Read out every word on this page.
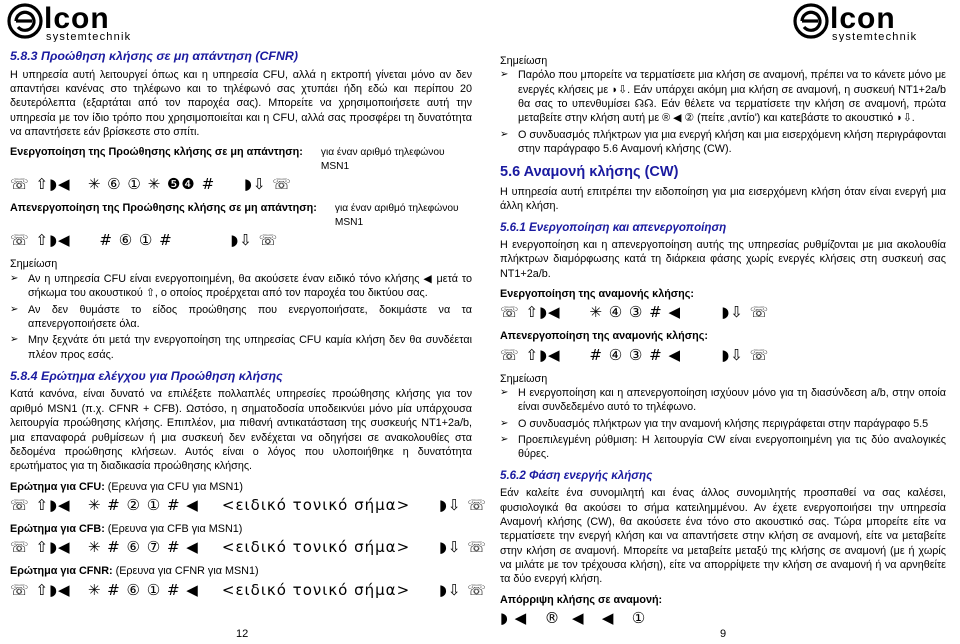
lcon
systemtechnik
5.8.3 Προώθηση κλήσης σε μη απάντηση (CFNR)

Η υπηρεσία αυτή λειτουργεί όπως και η υπηρεσία CFU, αλλά η εκτροπή γίνεται μόνο αν δεν απαντήσει κανένας στο τηλέφωνο και το τηλέφωνό σας χτυπάει ήδη εδώ και περίπου 20 δευτερόλεπτα (εξαρτάται από τον παροχέα σας). Μπορείτε να χρησιμοποιήσετε αυτή την υπηρεσία με τον ίδιο τρόπο που χρησιμοποιείται και η CFU, αλλά σας προσφέρει τη δυνατότητα να απαντήσετε εάν βρίσκεστε στο σπίτι.

Ενεργοποίηση της Προώθησης κλήσης σε μη απάντηση: για έναν αριθμό τηλεφώνου MSN1
☏ ⇧◗◀   ✳ ⑥ ① ✳ ❺❹ #     ◗⇩ ☏
Απενεργοποίηση της Προώθησης κλήσης σε μη απάντηση: για έναν αριθμό τηλεφώνου MSN1
☏ ⇧◗◀     # ⑥ ① #          ◗⇩ ☏
Σημείωση
➢ Αν η υπηρεσία CFU είναι ενεργοποιημένη, θα ακούσετε έναν ειδικό τόνο κλήσης ◀ μετά το σήκωμα του ακουστικού ⇧, ο οποίος προέρχεται από τον παροχέα του δικτύου σας.
➢ Αν δεν θυμάστε το είδος προώθησης που ενεργοποιήσατε, δοκιμάστε να τα απενεργοποιήσετε όλα.
➢ Μην ξεχνάτε ότι μετά την ενεργοποίηση της υπηρεσίας CFU καμία κλήση δεν θα συνδέεται πλέον προς εσάς.
5.8.4 Ερώτημα ελέγχου για Προώθηση κλήσης

Κατά κανόνα, είναι δυνατό να επιλέξετε πολλαπλές υπηρεσίες προώθησης κλήσης για τον αριθμό MSN1 (π.χ. CFNR + CFB). Ωστόσο, η σηματοδοσία υποδεικνύει μόνο μία υπάρχουσα λειτουργία προώθησης κλήσης. Επιπλέον, μια πιθανή αντικατάσταση της συσκευής NT1+2a/b, μια επαναφορά ρυθμίσεων ή μια συσκευή δεν ενδέχεται να οδηγήσει σε ανακολουθίες στα δεδομένα προώθησης κλήσεων. Αυτός είναι ο λόγος που υλοποιήθηκε η δυνατότητα ερωτήματος για τη διαδικασία προώθησης κλήσης.

Ερώτημα για CFU: (Ερευνα για CFU για MSN1)
☏ ⇧◗◀   ✳ # ② ① # ◀    <ειδικό τονικό σήμα>     ◗⇩ ☏
Ερώτημα για CFB: (Ερευνα για CFB για MSN1)
☏ ⇧◗◀   ✳ # ⑥ ⑦ # ◀    <ειδικό τονικό σήμα>     ◗⇩ ☏
Ερώτημα για CFNR: (Ερευνα για CFNR για MSN1)
☏ ⇧◗◀   ✳ # ⑥ ① # ◀    <ειδικό τονικό σήμα>     ◗⇩ ☏
12
lcon
systemtechnik
Σημείωση
➢ Παρόλο που μπορείτε να τερματίσετε μια κλήση σε αναμονή, πρέπει να το κάνετε μόνο με ενεργές κλήσεις με ◗⇩. Εάν υπάρχει ακόμη μια κλήση σε αναμονή, η συσκευή NT1+2a/b θα σας το υπενθυμίσει ☊☊. Εάν θέλετε να τερματίσετε την κλήση σε αναμονή, πρώτα μεταβείτε στην κλήση αυτή με ® ◀ ② (πείτε ,αντίο') και κατεβάστε το ακουστικό ◗⇩.
➢ Ο συνδυασμός πλήκτρων για μια ενεργή κλήση και μια εισερχόμενη κλήση περιγράφονται στην παράγραφο 5.6 Αναμονή κλήσης (CW).
5.6 Αναμονή κλήσης (CW)

Η υπηρεσία αυτή επιτρέπει την ειδοποίηση για μια εισερχόμενη κλήση όταν είναι ενεργή μια άλλη κλήση.

5.6.1 Ενεργοποίηση και απενεργοποίηση

Η ενεργοποίηση και η απενεργοποίηση αυτής της υπηρεσίας ρυθμίζονται με μια ακολουθία πλήκτρων διαμόρφωσης κατά τη διάρκεια φάσης χωρίς ενεργές κλήσεις στη συσκευή σας NT1+2a/b.

Ενεργοποίηση της αναμονής κλήσης:
☏ ⇧◗◀     ✳ ④ ③ # ◀       ◗⇩ ☏
Απενεργοποίηση της αναμονής κλήσης:
☏ ⇧◗◀     # ④ ③ # ◀       ◗⇩ ☏
Σημείωση
➢ Η ενεργοποίηση και η απενεργοποίηση ισχύουν μόνο για τη διασύνδεση a/b, στην οποία είναι συνδεδεμένο αυτό το τηλέφωνο.
➢ Ο συνδυασμός πλήκτρων για την αναμονή κλήσης περιγράφεται στην παράγραφο 5.5
➢ Προεπιλεγμένη ρύθμιση: Η λειτουργία CW είναι ενεργοποιημένη για τις δύο αναλογικές θύρες.
5.6.2 Φάση ενεργής κλήσης

Εάν καλείτε ένα συνομιλητή και ένας άλλος συνομιλητής προσπαθεί να σας καλέσει, φυσιολογικά θα ακούσει το σήμα κατειλημμένου. Αν έχετε ενεργοποιήσει την υπηρεσία Αναμονή κλήσης (CW), θα ακούσετε ένα τόνο στο ακουστικό σας. Τώρα μπορείτε είτε να τερματίσετε την ενεργή κλήση και να απαντήσετε στην κλήση σε αναμονή, είτε να μεταβείτε στην κλήση σε αναμονή. Μπορείτε να μεταβείτε μεταξύ της κλήσης σε αναμονή (με ή χωρίς να μιλάτε με τον τρέχουσα κλήση), είτε να απορρίψετε την κλήση σε αναμονή ή να αρνηθείτε τα δύο ενεργή κλήση.

Απόρριψη κλήσης σε αναμονή:
◗ ◀   ®  ◀   ◀   ①
9
